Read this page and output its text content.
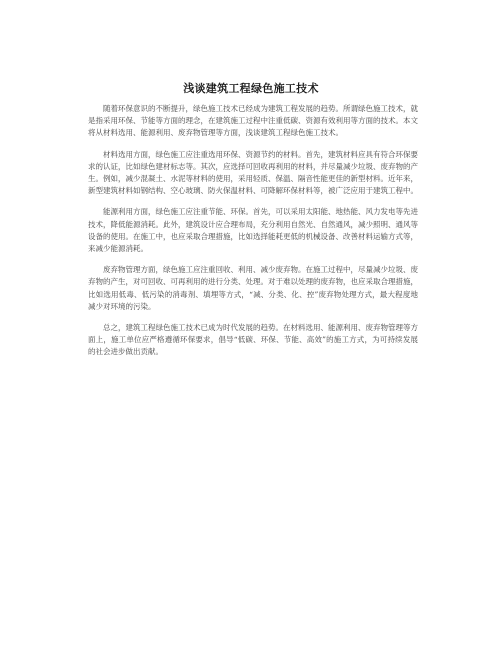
浅谈建筑工程绿色施工技术

随着环保意识的不断提升，绿色施工技术已经成为建筑工程发展的趋势。所谓绿色施工技术，就是指采用环保、节能等方面的理念，在建筑施工过程中注重低碳、资源有效利用等方面的技术。本文将从材料选用、能源利用、废弃物管理等方面，浅谈建筑工程绿色施工技术。

材料选用方面，绿色施工应注重选用环保、资源节约的材料。首先，建筑材料应具有符合环保要求的认证，比如绿色建材标志等。其次，应选择可回收再利用的材料，并尽量减少垃圾、废弃物的产生。例如，减少混凝土、水泥等材料的使用，采用轻质、保温、隔音性能更佳的新型材料。近年来，新型建筑材料如钢结构、空心玻璃、防火保温材料、可降解环保材料等，被广泛应用于建筑工程中。

能源利用方面，绿色施工应注重节能、环保。首先，可以采用太阳能、地热能、风力发电等先进技术，降低能源消耗。此外，建筑设计应合理布局，充分利用自然光、自然通风，减少照明、通风等设备的使用。在施工中，也应采取合理措施，比如选择能耗更低的机械设备、改善材料运输方式等，来减少能源消耗。

废弃物管理方面，绿色施工应注重回收、利用、减少废弃物。在施工过程中，尽量减少垃圾、废弃物的产生，对可回收、可再利用的进行分类、处理。对于难以处理的废弃物，也应采取合理措施，比如选用低毒、低污染的消毒剂、填埋等方式，“减、分类、化、控”废弃物处理方式，最大程度地减少对环境的污染。

总之，建筑工程绿色施工技术已成为时代发展的趋势。在材料选用、能源利用、废弃物管理等方面上，施工单位应严格遵循环保要求，倡导“低碳、环保、节能、高效”的施工方式，为可持续发展的社会进步做出贡献。
